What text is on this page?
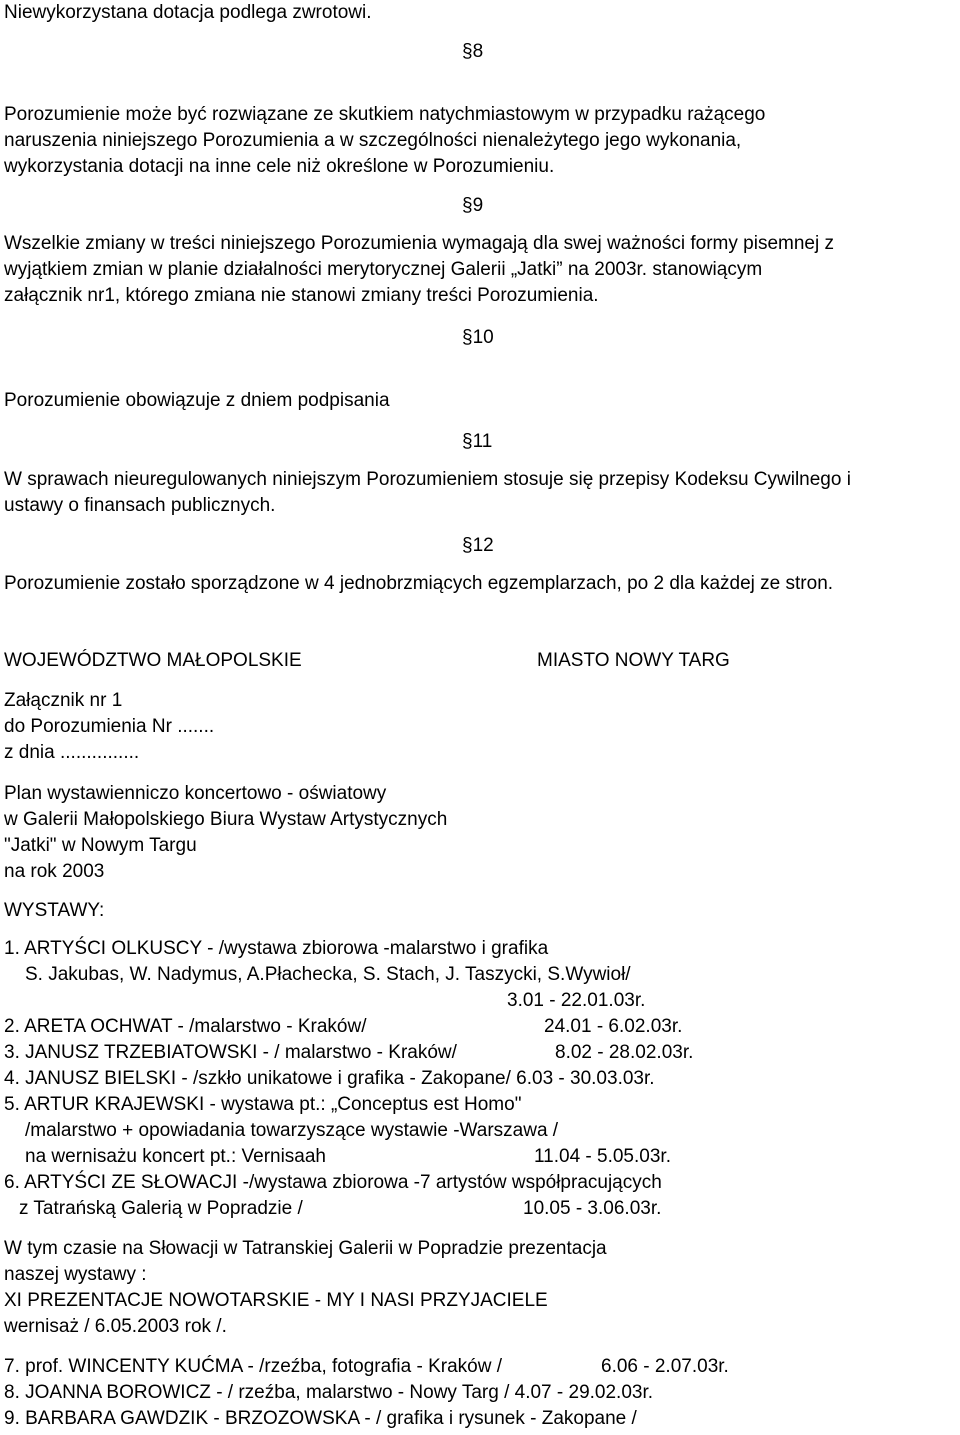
Niewykorzystana dotacja podlega zwrotowi.
§8
Porozumienie może być rozwiązane ze skutkiem natychmiastowym w przypadku rażącego
naruszenia niniejszego Porozumienia a w szczególności nienależytego jego wykonania,
wykorzystania dotacji na inne cele niż określone w Porozumieniu.
§9
Wszelkie zmiany w treści niniejszego Porozumienia wymagają dla swej ważności formy pisemnej z
wyjątkiem zmian w planie działalności merytorycznej Galerii „Jatki” na 2003r. stanowiącym
załącznik nr1, którego zmiana nie stanowi zmiany treści Porozumienia.
§10
Porozumienie obowiązuje z dniem podpisania
§11
W sprawach nieuregulowanych niniejszym Porozumieniem stosuje się przepisy Kodeksu Cywilnego i
ustawy o finansach publicznych.
§12
Porozumienie zostało sporządzone w 4 jednobrzmiących egzemplarzach, po 2 dla każdej ze stron.
WOJEWÓDZTWO MAŁOPOLSKIE	MIASTO NOWY TARG
Załącznik nr 1
do Porozumienia Nr .......
z dnia ...............
Plan wystawienniczo koncertowo - oświatowy
w Galerii Małopolskiego Biura Wystaw Artystycznych
"Jatki" w Nowym Targu
na rok 2003
WYSTAWY:
1. ARTYŚCI OLKUSCY - /wystawa zbiorowa -malarstwo i grafika
S. Jakubas, W. Nadymus, A.Płachecka, S. Stach, J. Taszycki, S.Wywioł/
3.01 - 22.01.03r.
2. ARETA OCHWAT - /malarstwo - Kraków/	24.01 - 6.02.03r.
3. JANUSZ TRZEBIATOWSKI - / malarstwo - Kraków/	8.02 - 28.02.03r.
4. JANUSZ BIELSKI - /szkło unikatowe i grafika - Zakopane/ 6.03 - 30.03.03r.
5. ARTUR KRAJEWSKI - wystawa pt.: „Conceptus est Homo"
/malarstwo + opowiadania towarzyszące wystawie -Warszawa /
na wernisażu koncert pt.: Vernisaah	11.04 - 5.05.03r.
6. ARTYŚCI ZE SŁOWACJI -/wystawa zbiorowa -7 artystów współpracujących
z Tatrańską Galerią w Popradzie /	10.05 - 3.06.03r.
W tym czasie na Słowacji w Tatranskiej Galerii w Popradzie prezentacja
naszej wystawy :
XI PREZENTACJE NOWOTARSKIE - MY I NASI PRZYJACIELE
wernisaż / 6.05.2003 rok /.
7. prof. WINCENTY KUĆMA - /rzeźba, fotografia - Kraków /	6.06 - 2.07.03r.
8. JOANNA BOROWICZ - / rzeźba, malarstwo - Nowy Targ / 4.07 - 29.02.03r.
9. BARBARA GAWDZIK - BRZOZOWSKA - / grafika i rysunek - Zakopane /
